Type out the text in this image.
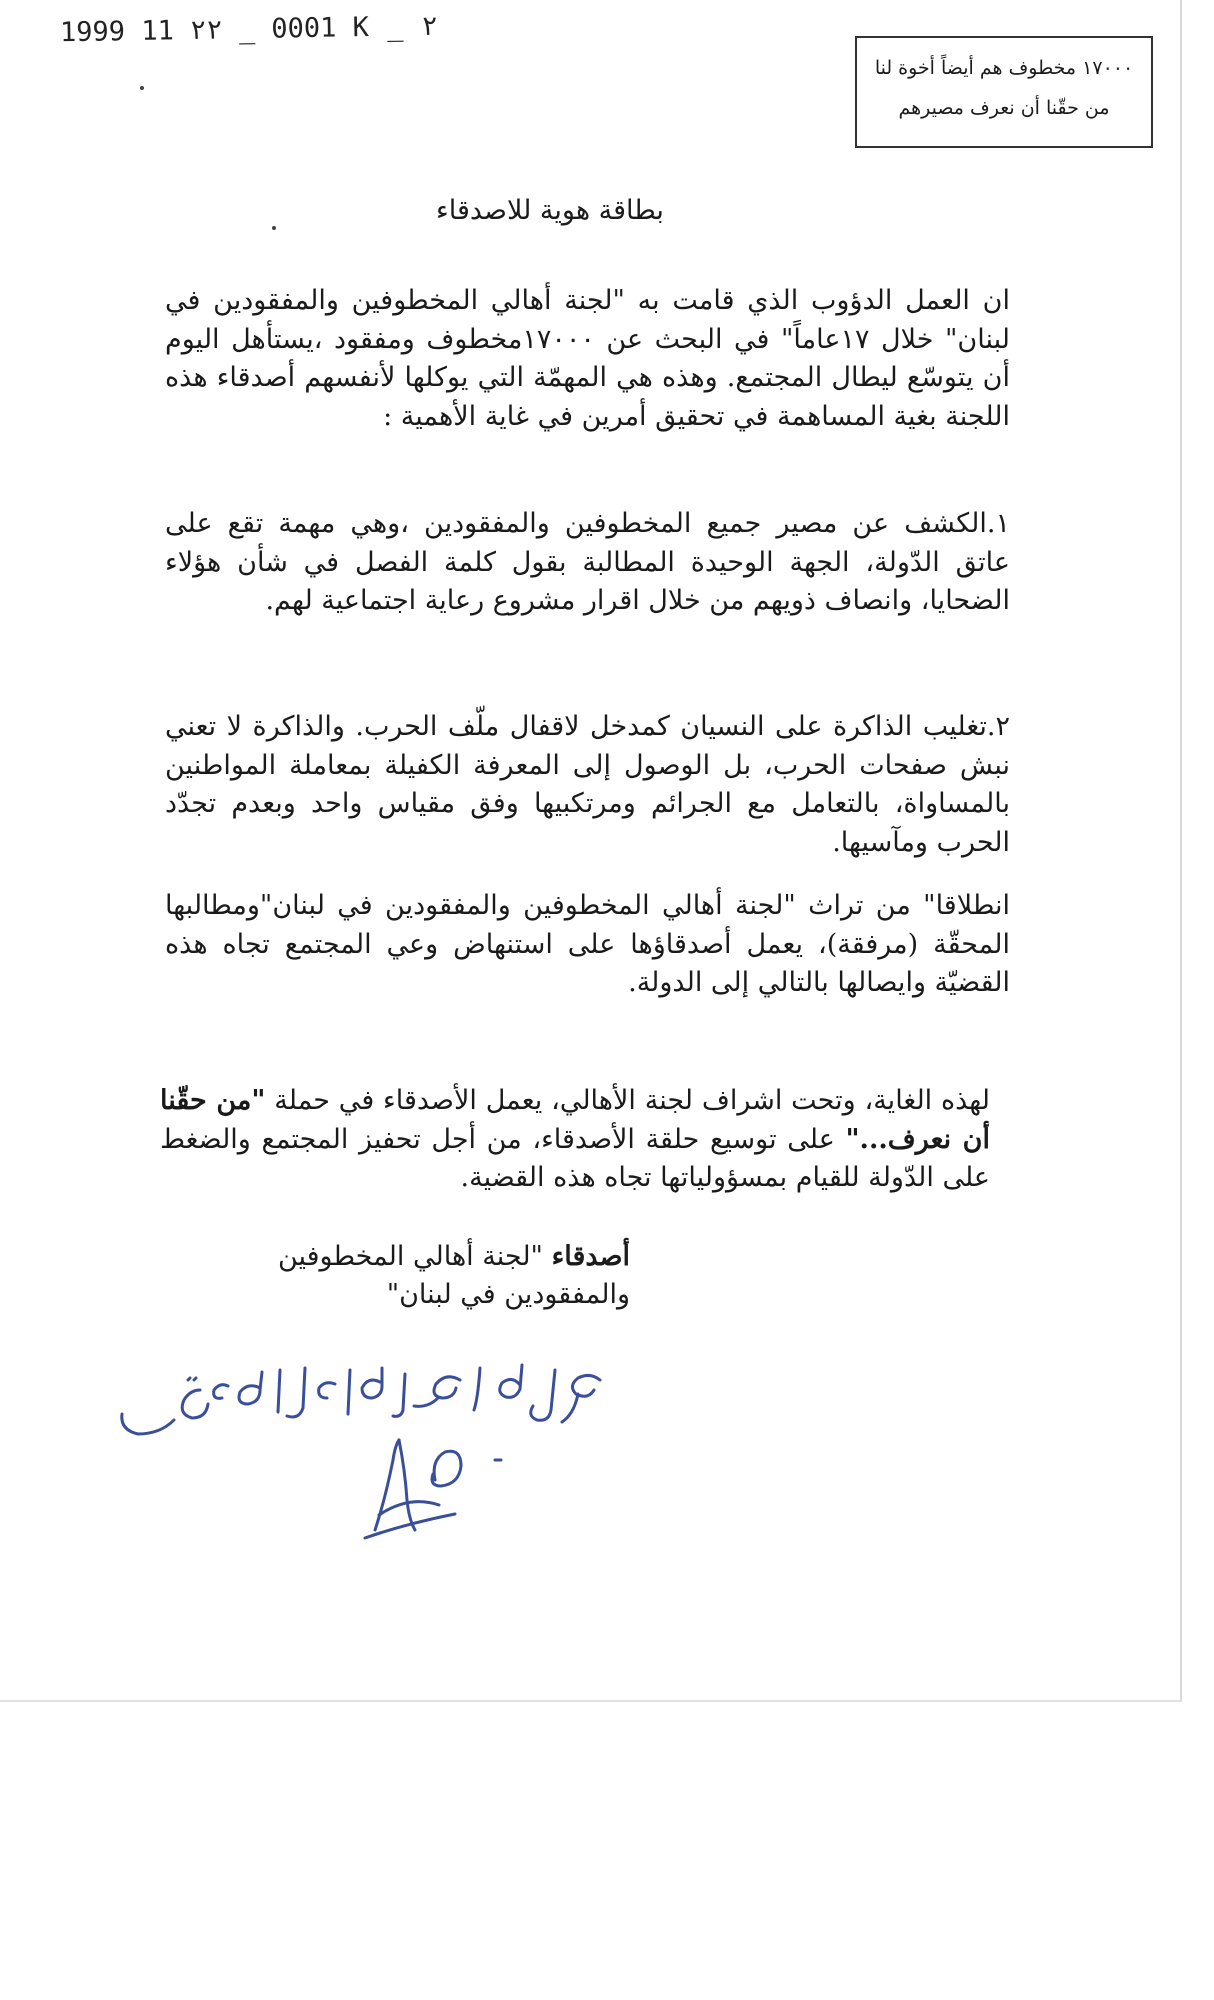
1999 11 ۲۲ _ 0001 K _ ۲
١٧٠٠٠ مخطوف هم أيضاً أخوة لنا
من حقّنا أن نعرف مصيرهم
بطاقة هوية للاصدقاء
ان العمل الدؤوب الذي قامت به "لجنة أهالي المخطوفين والمفقودين في لبنان" خلال ١٧عاماً" في البحث عن ١٧٠٠٠مخطوف ومفقود ،يستأهل اليوم أن يتوسّع ليطال المجتمع. وهذه هي المهمّة التي يوكلها لأنفسهم أصدقاء هذه اللجنة بغية المساهمة في تحقيق أمرين في غاية الأهمية :
١.الكشف عن مصير جميع المخطوفين والمفقودين ،وهي مهمة تقع على عاتق الدّولة، الجهة الوحيدة المطالبة بقول كلمة الفصل في شأن هؤلاء الضحايا، وانصاف ذويهم من خلال اقرار مشروع رعاية اجتماعية لهم.
٢.تغليب الذاكرة على النسيان كمدخل لاقفال ملّف الحرب. والذاكرة لا تعني نبش صفحات الحرب، بل الوصول إلى المعرفة الكفيلة بمعاملة المواطنين بالمساواة، بالتعامل مع الجرائم ومرتكبيها وفق مقياس واحد وبعدم تجدّد الحرب ومآسيها.
انطلاقا" من تراث "لجنة أهالي المخطوفين والمفقودين في لبنان"ومطالبها المحقّة (مرفقة)، يعمل أصدقاؤها على استنهاض وعي المجتمع تجاه هذه القضيّة وايصالها بالتالي إلى الدولة.
لهذه الغاية، وتحت اشراف لجنة الأهالي، يعمل الأصدقاء في حملة "من حقّنا أن نعرف..." على توسيع حلقة الأصدقاء، من أجل تحفيز المجتمع والضغط على الدّولة للقيام بمسؤولياتها تجاه هذه القضية.
أصدقاء "لجنة أهالي المخطوفين
والمفقودين في لبنان"
